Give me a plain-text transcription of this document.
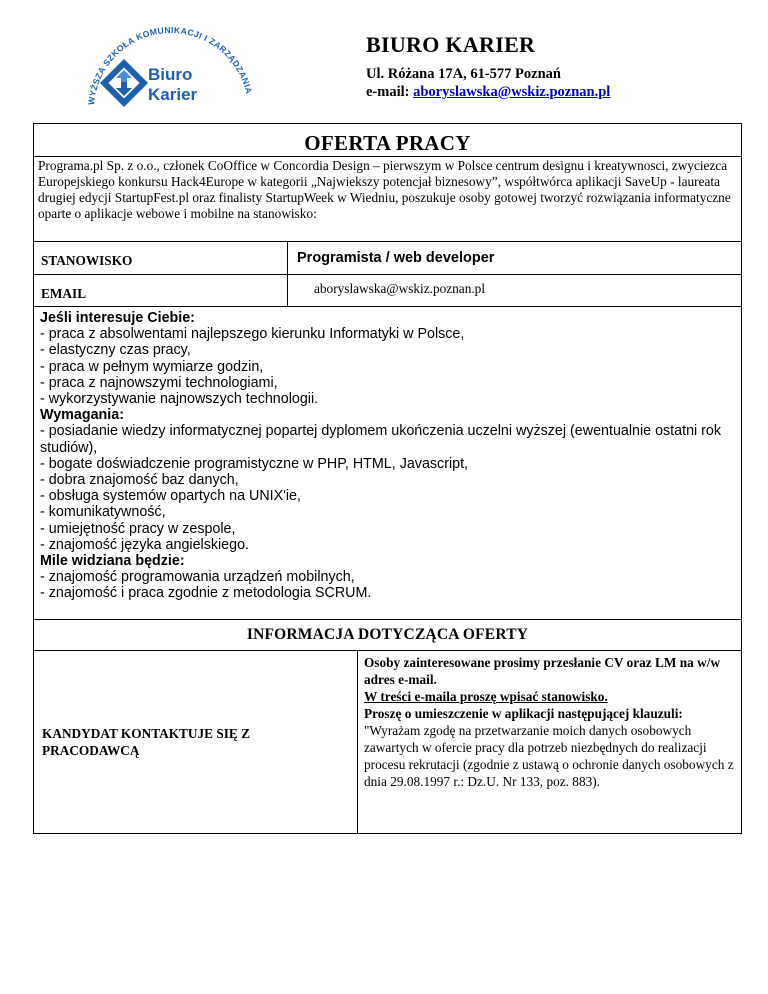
WYŻSZA SZKOŁA KOMUNIKACJI I ZARZĄDZANIA
Biuro
Karier
BIURO KARIER
Ul. Różana 17A, 61-577 Poznań
e-mail: aboryslawska@wskiz.poznan.pl
OFERTA PRACY
Programa.pl Sp. z o.o., członek CoOffice w Concordia Design – pierwszym w Polsce centrum designu i kreatywnosci, zwyciezca Europejskiego konkursu Hack4Europe w kategorii „Najwiekszy potencjał biznesowy”, współtwórca aplikacji SaveUp - laureata drugiej edycji StartupFest.pl oraz finalisty StartupWeek w Wiedniu, poszukuje osoby gotowej tworzyć rozwiązania informatyczne oparte o aplikacje webowe i mobilne na stanowisko:
STANOWISKO	Programista / web developer
EMAIL	aboryslawska@wskiz.poznan.pl
Jeśli interesuje Ciebie:
- praca z absolwentami najlepszego kierunku Informatyki w Polsce,
- elastyczny czas pracy,
- praca w pełnym wymiarze godzin,
- praca z najnowszymi technologiami,
- wykorzystywanie najnowszych technologii.
Wymagania:
- posiadanie wiedzy informatycznej popartej dyplomem ukończenia uczelni wyższej (ewentualnie ostatni rok studiów),
- bogate doświadczenie programistyczne w PHP, HTML, Javascript,
- dobra znajomość baz danych,
- obsługa systemów opartych na UNIX'ie,
- komunikatywność,
- umiejętność pracy w zespole,
- znajomość języka angielskiego.
Mile widziana będzie:
- znajomość programowania urządzeń mobilnych,
- znajomość i praca zgodnie z metodologia SCRUM.
INFORMACJA DOTYCZĄCA OFERTY
KANDYDAT KONTAKTUJE SIĘ Z PRACODAWCĄ
Osoby zainteresowane prosimy przesłanie CV oraz LM na w/w adres e-mail.
W treści e-maila proszę wpisać stanowisko.
Proszę o umieszczenie w aplikacji następującej klauzuli:
"Wyrażam zgodę na przetwarzanie moich danych osobowych zawartych w ofercie pracy dla potrzeb niezbędnych do realizacji procesu rekrutacji (zgodnie z ustawą o ochronie danych osobowych z dnia 29.08.1997 r.: Dz.U. Nr 133, poz. 883).
